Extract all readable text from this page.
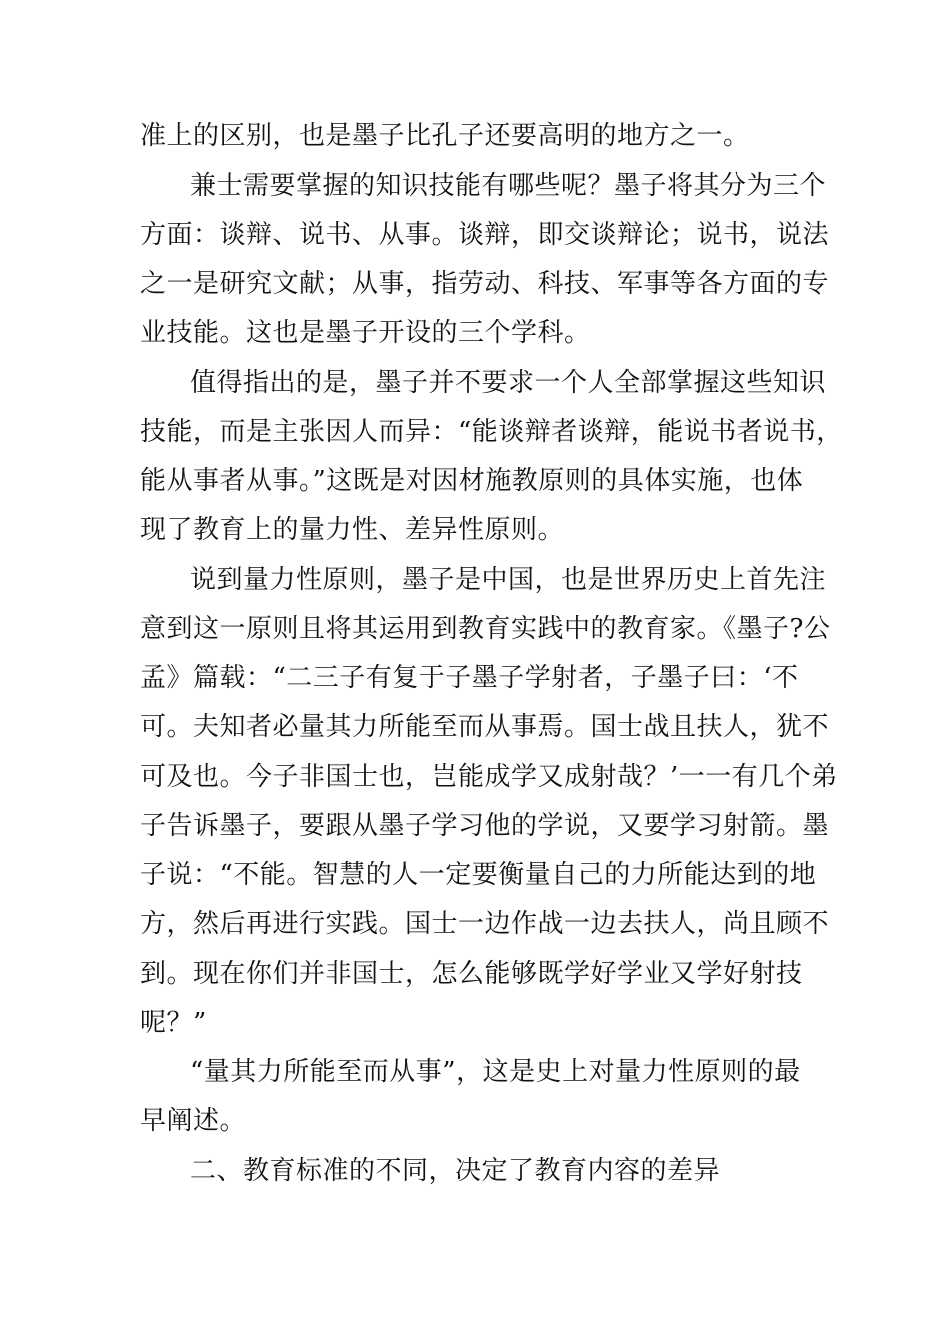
准上的区别，也是墨子比孔子还要高明的地方之一。
兼士需要掌握的知识技能有哪些呢？墨子将其分为三个
方面：谈辩、说书、从事。谈辩，即交谈辩论；说书，说法
之一是研究文献；从事，指劳动、科技、军事等各方面的专
业技能。这也是墨子开设的三个学科。
值得指出的是，墨子并不要求一个人全部掌握这些知识
技能，而是主张因人而异：“能谈辩者谈辩，能说书者说书，
能从事者从事。”这既是对因材施教原则的具体实施，也体
现了教育上的量力性、差异性原则。
说到量力性原则，墨子是中国，也是世界历史上首先注
意到这一原则且将其运用到教育实践中的教育家。《墨子?公
孟》篇载：“二三子有复于子墨子学射者，子墨子曰：‘不
可。夫知者必量其力所能至而从事焉。国士战且扶人，犹不
可及也。今子非国士也，岂能成学又成射哉？’一一有几个弟
子告诉墨子，要跟从墨子学习他的学说，又要学习射箭。墨
子说：“不能。智慧的人一定要衡量自己的力所能达到的地
方，然后再进行实践。国士一边作战一边去扶人，尚且顾不
到。现在你们并非国士，怎么能够既学好学业又学好射技
呢？”
“量其力所能至而从事”，这是史上对量力性原则的最
早阐述。
二、教育标准的不同，决定了教育内容的差异
